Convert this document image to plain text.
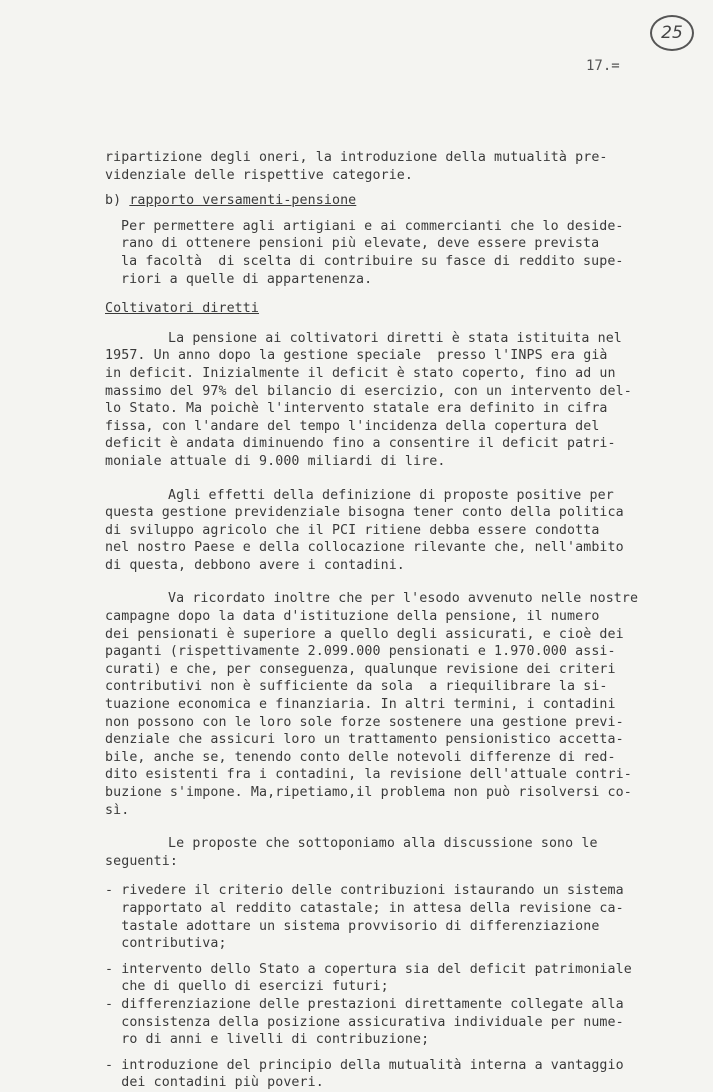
25
17.=
ripartizione degli oneri, la introduzione della mutualità pre-
videnziale delle rispettive categorie.
b) rapporto versamenti-pensione
Per permettere agli artigiani e ai commercianti che lo deside-
rano di ottenere pensioni più elevate, deve essere prevista
la facoltà  di scelta di contribuire su fasce di reddito supe-
riori a quelle di appartenenza.
Coltivatori diretti
La pensione ai coltivatori diretti è stata istituita nel
1957. Un anno dopo la gestione speciale  presso l'INPS era già
in deficit. Inizialmente il deficit è stato coperto, fino ad un
massimo del 97% del bilancio di esercizio, con un intervento del-
lo Stato. Ma poichè l'intervento statale era definito in cifra
fissa, con l'andare del tempo l'incidenza della copertura del
deficit è andata diminuendo fino a consentire il deficit patri-
moniale attuale di 9.000 miliardi di lire.
Agli effetti della definizione di proposte positive per
questa gestione previdenziale bisogna tener conto della politica
di sviluppo agricolo che il PCI ritiene debba essere condotta
nel nostro Paese e della collocazione rilevante che, nell'ambito
di questa, debbono avere i contadini.
Va ricordato inoltre che per l'esodo avvenuto nelle nostre
campagne dopo la data d'istituzione della pensione, il numero
dei pensionati è superiore a quello degli assicurati, e cioè dei
paganti (rispettivamente 2.099.000 pensionati e 1.970.000 assi-
curati) e che, per conseguenza, qualunque revisione dei criteri
contributivi non è sufficiente da sola  a riequilibrare la si-
tuazione economica e finanziaria. In altri termini, i contadini
non possono con le loro sole forze sostenere una gestione previ-
denziale che assicuri loro un trattamento pensionistico accetta-
bile, anche se, tenendo conto delle notevoli differenze di red-
dito esistenti fra i contadini, la revisione dell'attuale contri-
buzione s'impone. Ma,ripetiamo,il problema non può risolversi co-
sì.
Le proposte che sottoponiamo alla discussione sono le
seguenti:
- rivedere il criterio delle contribuzioni istaurando un sistema
rapportato al reddito catastale; in attesa della revisione ca-
tastale adottare un sistema provvisorio di differenziazione
contributiva;
- intervento dello Stato a copertura sia del deficit patrimoniale
che di quello di esercizi futuri;
- differenziazione delle prestazioni direttamente collegate alla
consistenza della posizione assicurativa individuale per nume-
ro di anni e livelli di contribuzione;
- introduzione del principio della mutualità interna a vantaggio
dei contadini più poveri.
